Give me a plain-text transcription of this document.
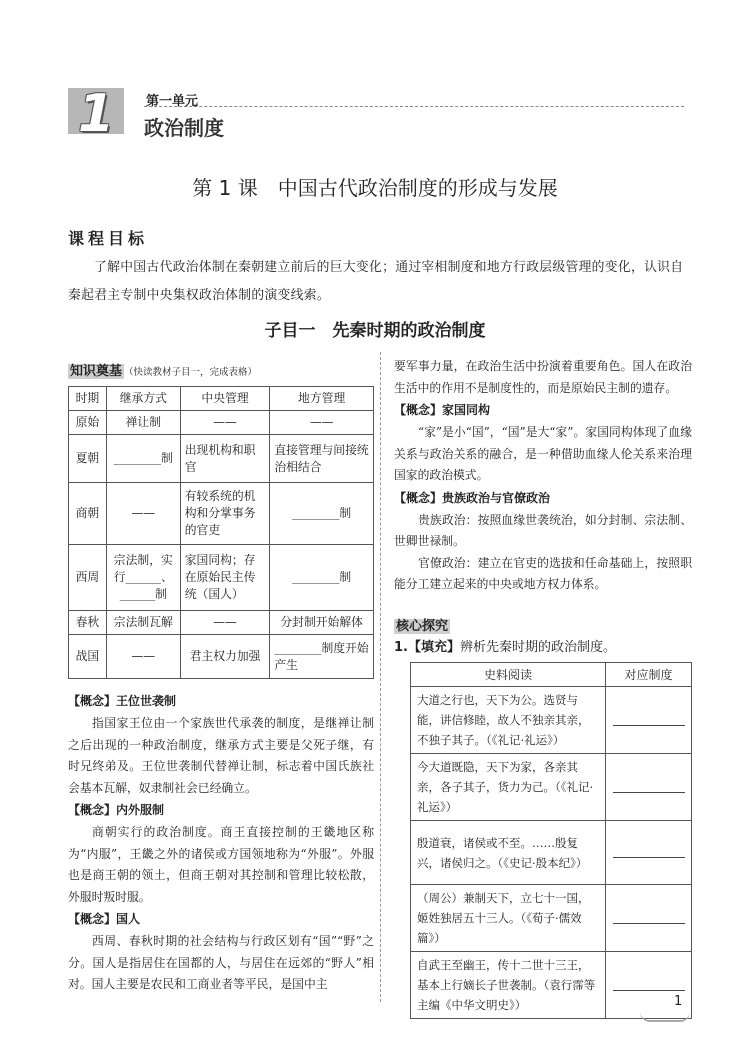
1 第一单元
政治制度
第 1 课　中国古代政治制度的形成与发展
课程目标
了解中国古代政治体制在秦朝建立前后的巨大变化；通过宰相制度和地方行政层级管理的变化，认识自秦起君主专制中央集权政治体制的演变线索。
子目一　先秦时期的政治制度
知识奠基 （快读教材子目一，完成表格）
时期	继承方式	中央管理	地方管理
原始	禅让制	——	——
夏朝	________制	出现机构和职官	直接管理与间接统治相结合
商朝	——	有较系统的机构和分掌事务的官吏	________制
西周	宗法制，实行______、______制	家国同构；存在原始民主传统（国人）	________制
春秋	宗法制瓦解	——	分封制开始解体
战国	——	君主权力加强	________制度开始产生
【概念】王位世袭制
指国家王位由一个家族世代承袭的制度，是继禅让制之后出现的一种政治制度，继承方式主要是父死子继，有时兄终弟及。王位世袭制代替禅让制，标志着中国氏族社会基本瓦解，奴隶制社会已经确立。
【概念】内外服制
商朝实行的政治制度。商王直接控制的王畿地区称为“内服”，王畿之外的诸侯或方国领地称为“外服”。外服也是商王朝的领土，但商王朝对其控制和管理比较松散，外服时叛时服。
【概念】国人
西周、春秋时期的社会结构与行政区划有“国”“野”之分。国人是指居住在国都的人，与居住在远郊的“野人”相对。国人主要是农民和工商业者等平民，是国中主
要军事力量，在政治生活中扮演着重要角色。国人在政治生活中的作用不是制度性的，而是原始民主制的遗存。
【概念】家国同构
“家”是小“国”，“国”是大“家”。家国同构体现了血缘关系与政治关系的融合，是一种借助血缘人伦关系来治理国家的政治模式。
【概念】贵族政治与官僚政治
贵族政治：按照血缘世袭统治，如分封制、宗法制、世卿世禄制。
官僚政治：建立在官吏的选拔和任命基础上，按照职能分工建立起来的中央或地方权力体系。
核心探究
1.【填充】辨析先秦时期的政治制度。
史料阅读	对应制度
大道之行也，天下为公。选贤与能，讲信修睦，故人不独亲其亲，不独子其子。（《礼记·礼运》）	
今大道既隐，天下为家，各亲其亲，各子其子，货力为己。（《礼记·礼运》）	
殷道衰，诸侯或不至。……殷复兴，诸侯归之。（《史记·殷本纪》）	
（周公）兼制天下，立七十一国，姬姓独居五十三人。（《荀子·儒效篇》）	
自武王至幽王，传十二世十三王，基本上行嫡长子世袭制。（袁行霈等主编《中华文明史》）		1
